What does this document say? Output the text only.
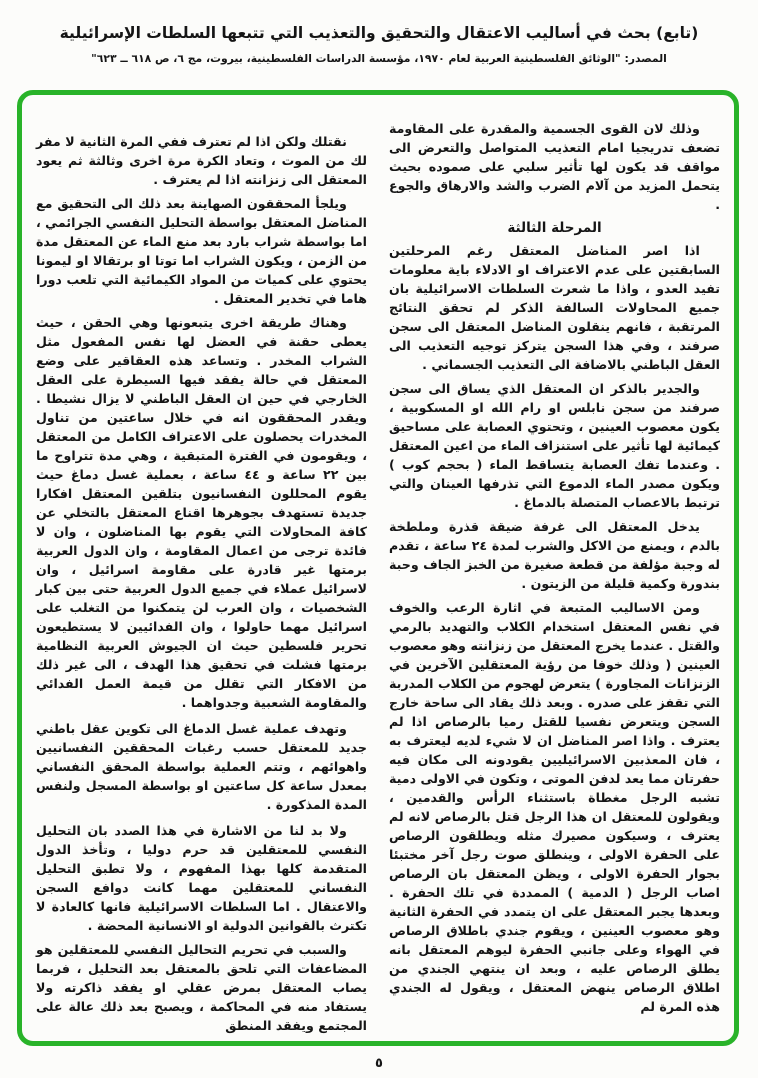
(تابع) بحث في أساليب الاعتقال والتحقيق والتعذيب التي تتبعها السلطات الإسرائيلية
المصدر: "الوثائق الفلسطينية العربية لعام ١٩٧٠، مؤسسة الدراسات الفلسطينية، بيروت، مج ٦، ص ٦١٨ ــ ٦٢٣"

وذلك لان القوى الجسمية والمقدرة على المقاومة تضعف تدريجيا امام التعذيب المتواصل والتعرض الى مواقف قد يكون لها تأثير سلبي على صموده بحيث يتحمل المزيد من آلام الضرب والشد والارهاق والجوع .

المرحلة الثالثة

اذا اصر المناضل المعتقل رغم المرحلتين السابقتين على عدم الاعتراف او الادلاء باية معلومات تفيد العدو ، واذا ما شعرت السلطات الاسرائيلية بان جميع المحاولات السالفة الذكر لم تحقق النتائج المرتقبة ، فانهم ينقلون المناضل المعتقل الى سجن صرفند ، وفي هذا السجن يتركز توجيه التعذيب الى العقل الباطني بالاضافة الى التعذيب الجسماني .

والجدير بالذكر ان المعتقل الذي يساق الى سجن صرفند من سجن نابلس او رام الله او المسكوبية ، يكون معصوب العينين ، وتحتوي العصابة على مساحيق كيمائية لها تأثير على استنزاف الماء من اعين المعتقل . وعندما تفك العصابة يتساقط الماء ( بحجم كوب ) ويكون مصدر الماء الدموع التي تذرفها العينان والتي ترتبط بالاعصاب المتصلة بالدماغ .

يدخل المعتقل الى غرفة ضيقة قذرة وملطخة بالدم ، ويمنع من الاكل والشرب لمدة ٢٤ ساعة ، تقدم له وجبة مؤلفة من قطعة صغيرة من الخبز الجاف وحبة بندورة وكمية قليلة من الزيتون .

ومن الاساليب المتبعة في اثارة الرعب والخوف في نفس المعتقل استخدام الكلاب والتهديد بالرمي والقتل . عندما يخرج المعتقل من زنزانته وهو معصوب العينين ( وذلك خوفا من رؤية المعتقلين الآخرين في الزنزانات المجاورة ) يتعرض لهجوم من الكلاب المدربة التي تقفز على صدره . وبعد ذلك يقاد الى ساحة خارج السجن ويتعرض نفسيا للقتل رميا بالرصاص اذا لم يعترف . واذا اصر المناضل ان لا شيء لديه ليعترف به ، فان المعذبين الاسرائيليين يقودونه الى مكان فيه حفرتان مما يعد لدفن الموتى ، وتكون في الاولى دمية تشبه الرجل مغطاة باستثناء الرأس والقدمين ، ويقولون للمعتقل ان هذا الرجل قتل بالرصاص لانه لم يعترف ، وسيكون مصيرك مثله ويطلقون الرصاص على الحفرة الاولى ، وينطلق صوت رجل آخر مختبئا بجوار الحفرة الاولى ، ويظن المعتقل بان الرصاص اصاب الرجل ( الدمية ) الممددة في تلك الحفرة . وبعدها يجبر المعتقل على ان يتمدد في الحفرة الثانية وهو معصوب العينين ، ويقوم جندي باطلاق الرصاص في الهواء وعلى جانبي الحفرة ليوهم المعتقل بانه يطلق الرصاص عليه ، وبعد ان ينتهي الجندي من اطلاق الرصاص ينهض المعتقل ، ويقول له الجندي هذه المرة لم

نقتلك ولكن اذا لم تعترف ففي المرة الثانية لا مفر لك من الموت ، وتعاد الكرة مرة اخرى وثالثة ثم يعود المعتقل الى زنزانته اذا لم يعترف .

ويلجأ المحققون الصهاينة بعد ذلك الى التحقيق مع المناضل المعتقل بواسطة التحليل النفسي الجرائمي ، اما بواسطة شراب بارد بعد منع الماء عن المعتقل مدة من الزمن ، ويكون الشراب اما توتا او برتقالا او ليمونا يحتوي على كميات من المواد الكيمائية التي تلعب دورا هاما في تخدير المعتقل .

وهناك طريقة اخرى يتبعونها وهي الحقن ، حيث يعطى حقنة في العضل لها نفس المفعول مثل الشراب المخدر . وتساعد هذه العقاقير على وضع المعتقل في حالة يفقد فيها السيطرة على العقل الخارجي في حين ان العقل الباطني لا يزال نشيطا . ويقدر المحققون انه في خلال ساعتين من تناول المخدرات يحصلون على الاعتراف الكامل من المعتقل ، ويقومون في الفترة المتبقية ، وهي مدة تتراوح ما بين ٢٢ ساعة و ٤٤ ساعة ، بعملية غسل دماغ حيث يقوم المحللون النفسانيون بتلقين المعتقل افكارا جديدة تستهدف بجوهرها اقناع المعتقل بالتخلي عن كافة المحاولات التي يقوم بها المناضلون ، وان لا فائدة ترجى من اعمال المقاومة ، وان الدول العربية برمتها غير قادرة على مقاومة اسرائيل ، وان لاسرائيل عملاء في جميع الدول العربية حتى بين كبار الشخصيات ، وان العرب لن يتمكنوا من التغلب على اسرائيل مهما حاولوا ، وان الفدائيين لا يستطيعون تحرير فلسطين حيث ان الجيوش العربية النظامية برمتها فشلت في تحقيق هذا الهدف ، الى غير ذلك من الافكار التي تقلل من قيمة العمل الفدائي والمقاومة الشعبية وجدواهما .

وتهدف عملية غسل الدماغ الى تكوين عقل باطني جديد للمعتقل حسب رغبات المحققين النفسانيين واهوائهم ، وتتم العملية بواسطة المحقق النفساني بمعدل ساعة كل ساعتين او بواسطة المسجل ولنفس المدة المذكورة .

ولا بد لنا من الاشارة في هذا الصدد بان التحليل النفسي للمعتقلين قد حرم دوليا ، وتأخذ الدول المتقدمة كلها بهذا المفهوم ، ولا تطبق التحليل النفساني للمعتقلين مهما كانت دوافع السجن والاعتقال . اما السلطات الاسرائيلية فانها كالعادة لا تكترث بالقوانين الدولية او الانسانية المحضة .

والسبب في تحريم التحاليل النفسي للمعتقلين هو المضاعفات التي تلحق بالمعتقل بعد التحليل ، فربما يصاب المعتقل بمرض عقلي او يفقد ذاكرته ولا يستفاد منه في المحاكمة ، ويصبح بعد ذلك عالة على المجتمع ويفقد المنطق

٥
